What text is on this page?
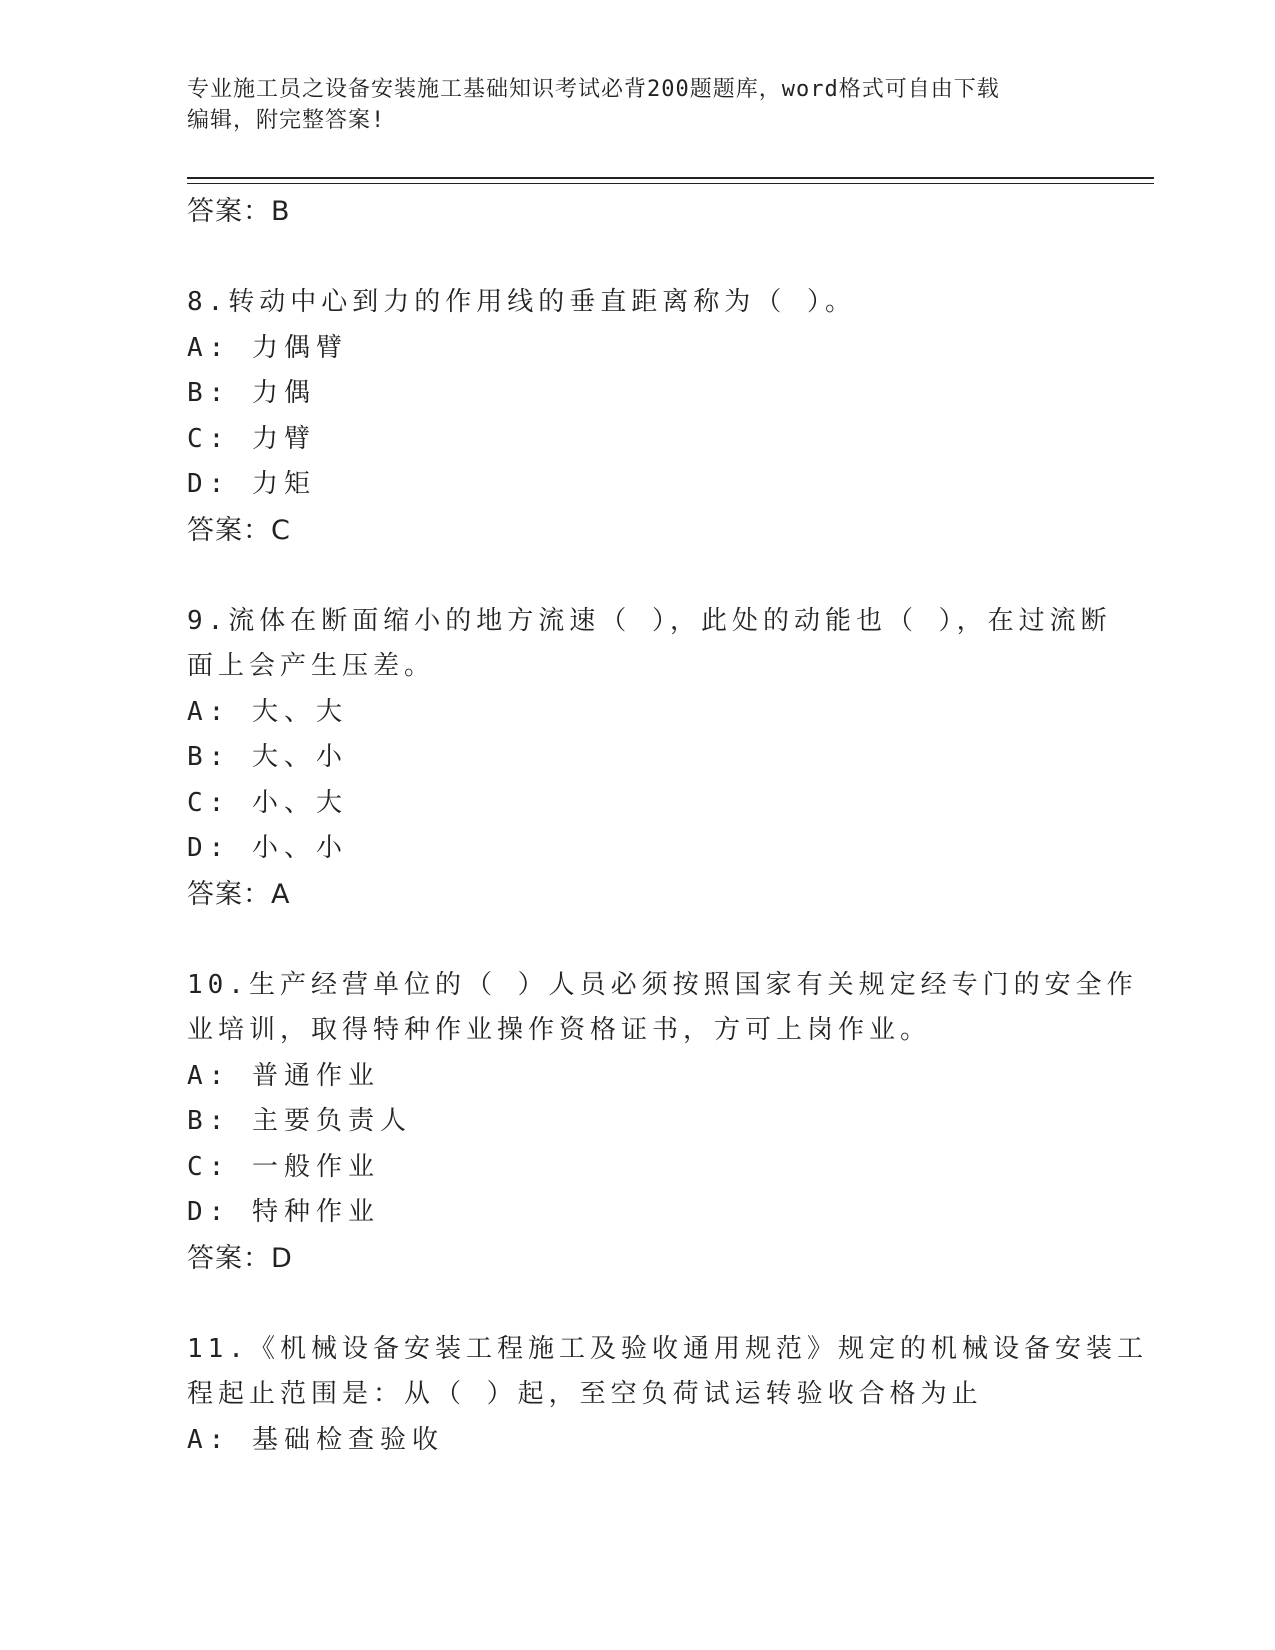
专业施工员之设备安装施工基础知识考试必背200题题库，word格式可自由下载
编辑，附完整答案!
答案：B
8.转动中心到力的作用线的垂直距离称为（ ）。
A: 力偶臂
B: 力偶
C: 力臂
D: 力矩
答案：C
9.流体在断面缩小的地方流速（ ），此处的动能也（ ），在过流断
面上会产生压差。
A: 大、大
B: 大、小
C: 小、大
D: 小、小
答案：A
10.生产经营单位的（ ）人员必须按照国家有关规定经专门的安全作
业培训，取得特种作业操作资格证书，方可上岗作业。
A: 普通作业
B: 主要负责人
C: 一般作业
D: 特种作业
答案：D
11.《机械设备安装工程施工及验收通用规范》规定的机械设备安装工
程起止范围是：从（ ）起，至空负荷试运转验收合格为止
A: 基础检查验收
